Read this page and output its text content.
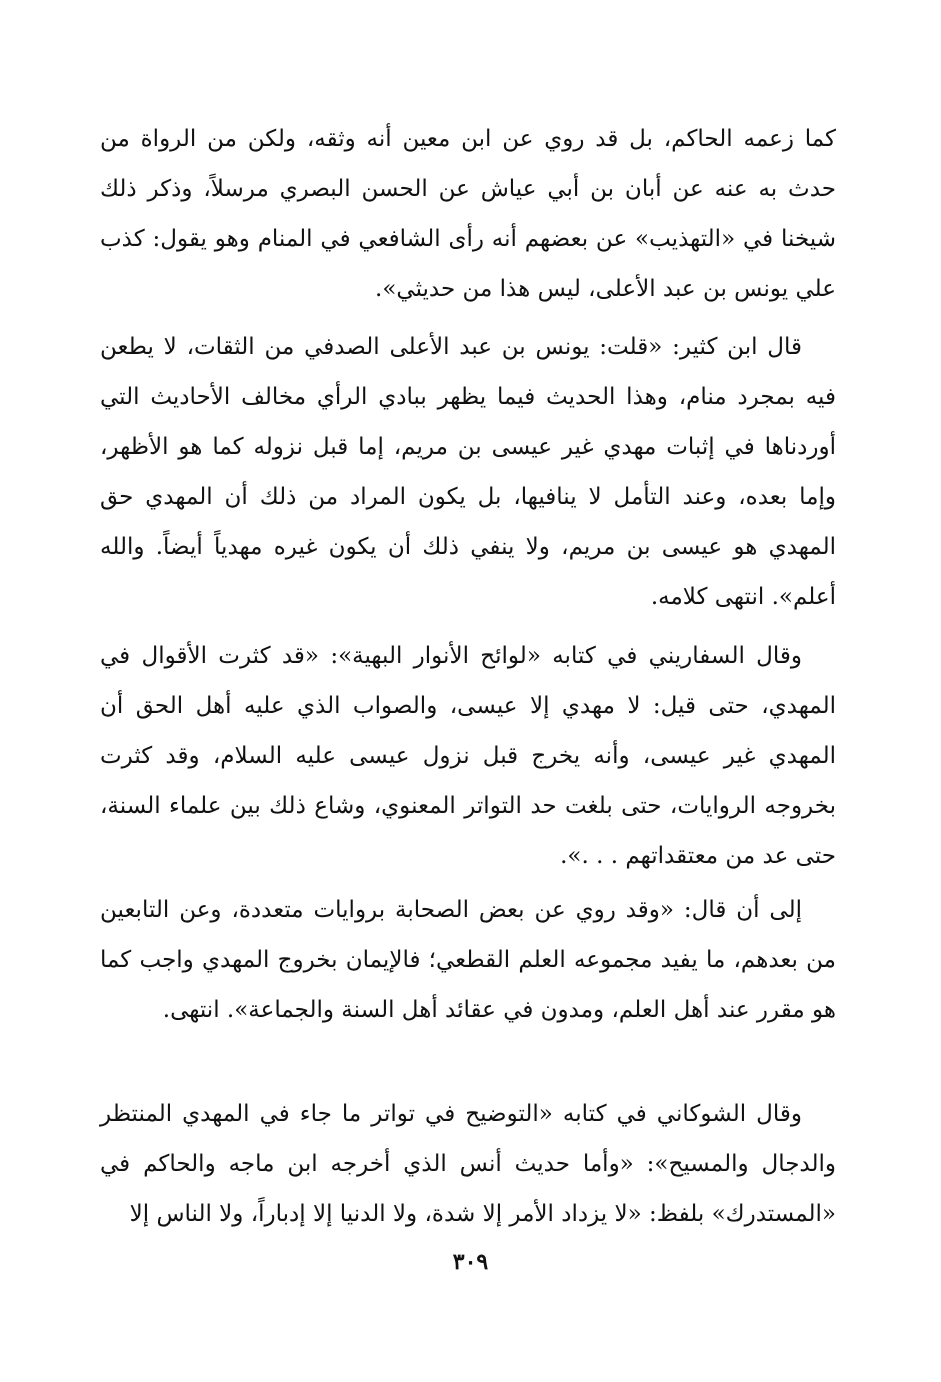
كما زعمه الحاكم، بل قد روي عن ابن معين أنه وثقه، ولكن من الرواة من حدث به عنه عن أبان بن أبي عياش عن الحسن البصري مرسلاً، وذكر ذلك شيخنا في «التهذيب» عن بعضهم أنه رأى الشافعي في المنام وهو يقول: كذب علي يونس بن عبد الأعلى، ليس هذا من حديثي».

قال ابن كثير: «قلت: يونس بن عبد الأعلى الصدفي من الثقات، لا يطعن فيه بمجرد منام، وهذا الحديث فيما يظهر ببادي الرأي مخالف الأحاديث التي أوردناها في إثبات مهدي غير عيسى بن مريم، إما قبل نزوله كما هو الأظهر، وإما بعده، وعند التأمل لا ينافيها، بل يكون المراد من ذلك أن المهدي حق المهدي هو عيسى بن مريم، ولا ينفي ذلك أن يكون غيره مهدياً أيضاً. والله أعلم». انتهى كلامه.

وقال السفاريني في كتابه «لوائح الأنوار البهية»: «قد كثرت الأقوال في المهدي، حتى قيل: لا مهدي إلا عيسى، والصواب الذي عليه أهل الحق أن المهدي غير عيسى، وأنه يخرج قبل نزول عيسى عليه السلام، وقد كثرت بخروجه الروايات، حتى بلغت حد التواتر المعنوي، وشاع ذلك بين علماء السنة، حتى عد من معتقداتهم . . .».

إلى أن قال: «وقد روي عن بعض الصحابة بروايات متعددة، وعن التابعين من بعدهم، ما يفيد مجموعه العلم القطعي؛ فالإيمان بخروج المهدي واجب كما هو مقرر عند أهل العلم، ومدون في عقائد أهل السنة والجماعة». انتهى.

وقال الشوكاني في كتابه «التوضيح في تواتر ما جاء في المهدي المنتظر والدجال والمسيح»: «وأما حديث أنس الذي أخرجه ابن ماجه والحاكم في «المستدرك» بلفظ: «لا يزداد الأمر إلا شدة، ولا الدنيا إلا إدباراً، ولا الناس إلا

٣٠٩
